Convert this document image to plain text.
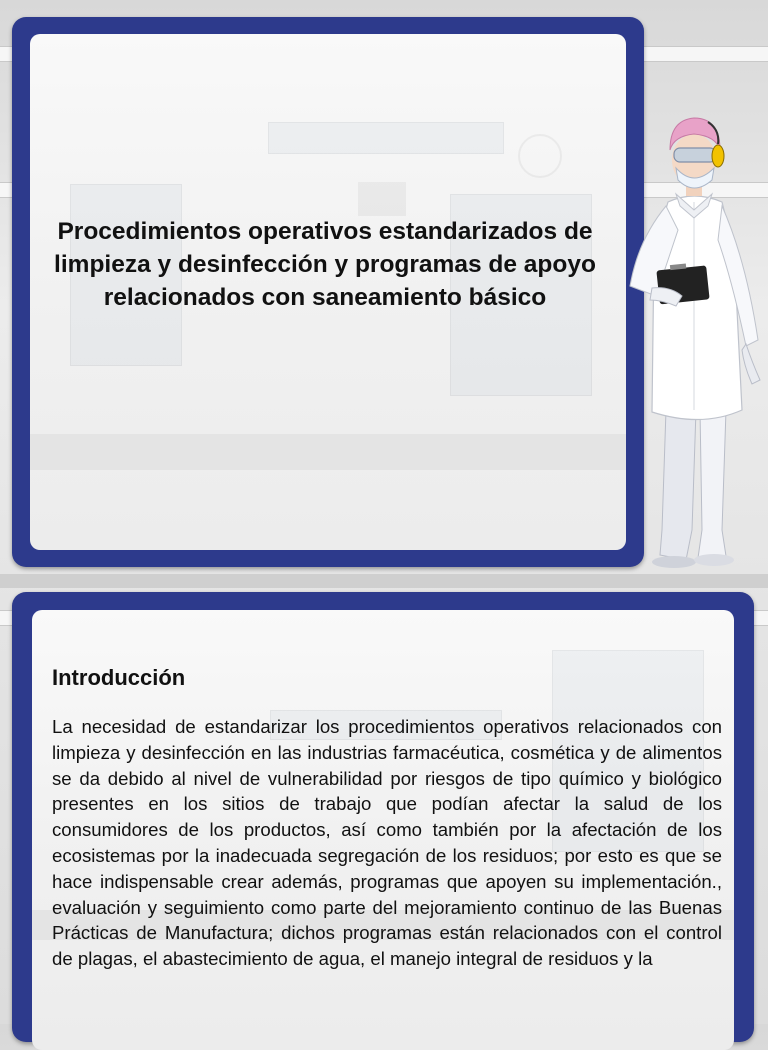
Procedimientos operativos estandarizados de limpieza y desinfección y programas de apoyo relacionados con saneamiento básico
Introducción

La necesidad de estandarizar los procedimientos operativos relacionados con limpieza y desinfección en las industrias farmacéutica, cosmética y de alimentos se da debido al nivel de vulnerabilidad por riesgos de tipo químico y biológico presentes en los sitios de trabajo que podían afectar la salud de los consumidores de los productos, así como también por la afectación de los ecosistemas por la inadecuada segregación de los residuos; por esto es que se hace indispensable crear además, programas que apoyen su implementación., evaluación y seguimiento como parte del mejoramiento continuo de las Buenas Prácticas de Manufactura; dichos programas están relacionados con el control de plagas, el abastecimiento de agua, el manejo integral de residuos y la
